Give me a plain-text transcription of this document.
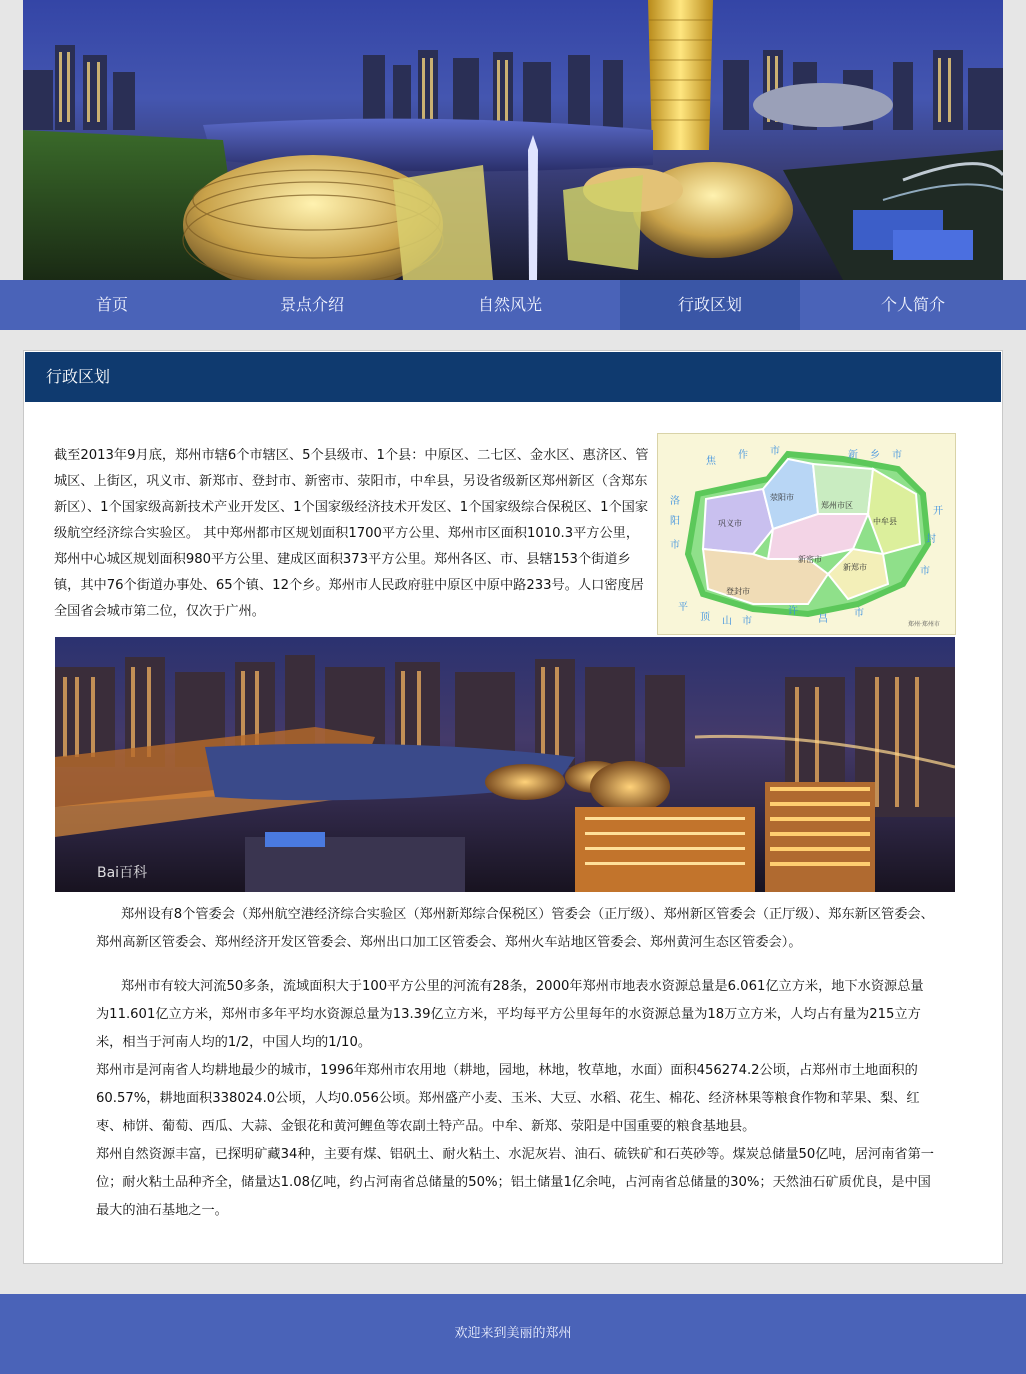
首页	景点介绍	自然风光	行政区划	个人简介
行政区划

截至2013年9月底，郑州市辖6个市辖区、5个县级市、1个县：中原区、二七区、金水区、惠济区、管城区、上街区，巩义市、新郑市、登封市、新密市、荥阳市，中牟县，另设省级新区郑州新区（含郑东新区）、1个国家级高新技术产业开发区、1个国家级经济技术开发区、1个国家级综合保税区、1个国家级航空经济综合实验区。 其中郑州都市区规划面积1700平方公里、郑州市区面积1010.3平方公里，郑州中心城区规划面积980平方公里、建成区面积373平方公里。郑州各区、市、县辖153个街道乡镇，其中76个街道办事处、65个镇、12个乡。郑州市人民政府驻中原区中原中路233号。人口密度居全国省会城市第二位，仅次于广州。

巩义市
荥阳市
郑州市区
中牟县
新密市
新郑市
登封市
焦
作 市	新 乡 市
洛
阳
市
开
封
市
平
顶 山 市
许
昌
市
郑州·郑州市
Bai百科

郑州设有8个管委会（郑州航空港经济综合实验区（郑州新郑综合保税区）管委会（正厅级）、郑州新区管委会（正厅级）、郑东新区管委会、郑州高新区管委会、郑州经济开发区管委会、郑州出口加工区管委会、郑州火车站地区管委会、郑州黄河生态区管委会）。

郑州市有较大河流50多条，流域面积大于100平方公里的河流有28条，2000年郑州市地表水资源总量是6.061亿立方米，地下水资源总量为11.601亿立方米，郑州市多年平均水资源总量为13.39亿立方米，平均每平方公里每年的水资源总量为18万立方米，人均占有量为215立方米，相当于河南人均的1/2，中国人均的1/10。

郑州市是河南省人均耕地最少的城市，1996年郑州市农用地（耕地，园地，林地，牧草地，水面）面积456274.2公顷，占郑州市土地面积的60.57%，耕地面积338024.0公顷，人均0.056公顷。郑州盛产小麦、玉米、大豆、水稻、花生、棉花、经济林果等粮食作物和苹果、梨、红枣、柿饼、葡萄、西瓜、大蒜、金银花和黄河鲤鱼等农副土特产品。中牟、新郑、荥阳是中国重要的粮食基地县。

郑州自然资源丰富，已探明矿藏34种，主要有煤、铝矾土、耐火粘土、水泥灰岩、油石、硫铁矿和石英砂等。煤炭总储量50亿吨，居河南省第一位；耐火粘土品种齐全，储量达1.08亿吨，约占河南省总储量的50%；铝土储量1亿余吨，占河南省总储量的30%；天然油石矿质优良，是中国最大的油石基地之一。

欢迎来到美丽的郑州
